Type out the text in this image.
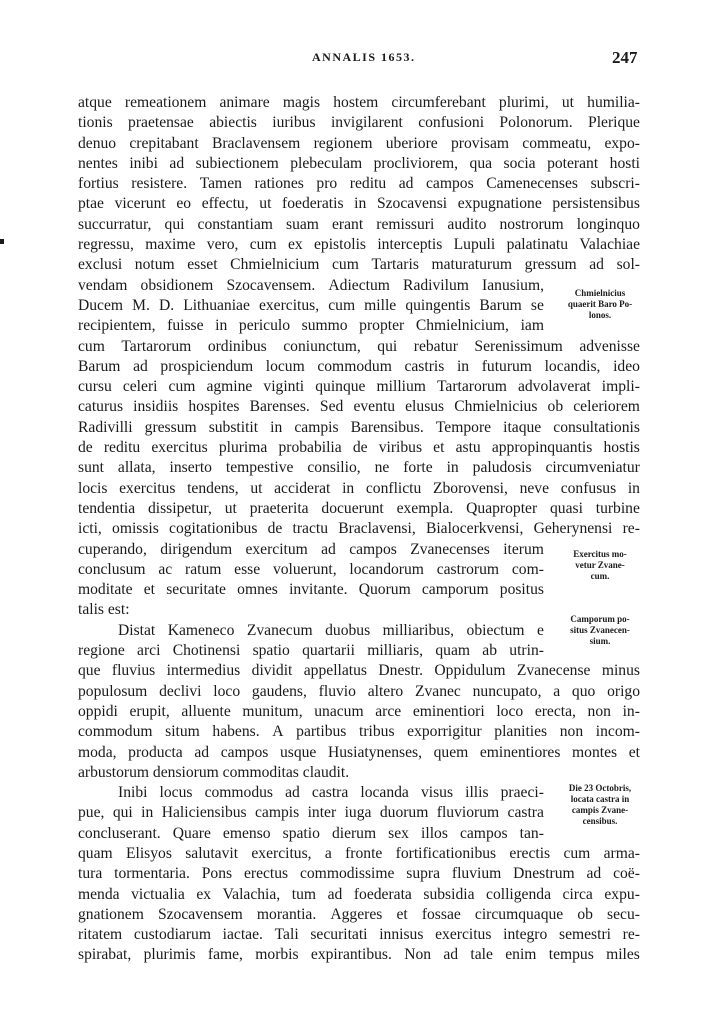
ANNALIS 1653.	247
atque remeationem animare magis hostem circumferebant plurimi, ut humilia-
tionis praetensae abiectis iuribus invigilarent confusioni Polonorum. Plerique
denuo crepitabant Braclavensem regionem uberiore provisam commeatu, expo-
nentes inibi ad subiectionem plebeculam procliviorem, qua socia poterant hosti
fortius resistere. Tamen rationes pro reditu ad campos Camenecenses subscri-
ptae vicerunt eo effectu, ut foederatis in Szocavensi expugnatione persistensibus
succurratur, qui constantiam suam erant remissuri audito nostrorum longinquo
regressu, maxime vero, cum ex epistolis interceptis Lupuli palatinatu Valachiae
exclusi notum esset Chmielnicium cum Tartaris maturaturum gressum ad sol-
vendam obsidionem Szocavensem. Adiectum Radivilum Ianusium,
Ducem M. D. Lithuaniae exercitus, cum mille quingentis Barum se
recipientem, fuisse in periculo summo propter Chmielnicium, iam
cum Tartarorum ordinibus coniunctum, qui rebatur Serenissimum advenisse
Barum ad prospiciendum locum commodum castris in futurum locandis, ideo
cursu celeri cum agmine viginti quinque millium Tartarorum advolaverat impli-
caturus insidiis hospites Barenses. Sed eventu elusus Chmielnicius ob celeriorem
Radivilli gressum substitit in campis Barensibus. Tempore itaque consultationis
de reditu exercitus plurima probabilia de viribus et astu appropinquantis hostis
sunt allata, inserto tempestive consilio, ne forte in paludosis circumveniatur
locis exercitus tendens, ut acciderat in conflictu Zborovensi, neve confusus in
tendentia dissipetur, ut praeterita docuerunt exempla. Quapropter quasi turbine
icti, omissis cogitationibus de tractu Braclavensi, Bialocerkvensi, Geherynensi re-
cuperando, dirigendum exercitum ad campos Zvanecenses iterum
conclusum ac ratum esse voluerunt, locandorum castrorum com-
moditate et securitate omnes invitante. Quorum camporum positus
talis est:
Distat Kameneco Zvanecum duobus milliaribus, obiectum e
regione arci Chotinensi spatio quartarii milliaris, quam ab utrin-
que fluvius intermedius dividit appellatus Dnestr. Oppidulum Zvanecense minus
populosum declivi loco gaudens, fluvio altero Zvanec nuncupato, a quo origo
oppidi erupit, alluente munitum, unacum arce eminentiori loco erecta, non in-
commodum situm habens. A partibus tribus exporrigitur planities non incom-
moda, producta ad campos usque Husiatynenses, quem eminentiores montes et
arbustorum densiorum commoditas claudit.
Inibi locus commodus ad castra locanda visus illis praeci-
pue, qui in Haliciensibus campis inter iuga duorum fluviorum castra
concluserant. Quare emenso spatio dierum sex illos campos tan-
quam Elisyos salutavit exercitus, a fronte fortificationibus erectis cum arma-
tura tormentaria. Pons erectus commodissime supra fluvium Dnestrum ad coë-
menda victualia ex Valachia, tum ad foederata subsidia colligenda circa expu-
gnationem Szocavensem morantia. Aggeres et fossae circumquaque ob secu-
ritatem custodiarum iactae. Tali securitati innisus exercitus integro semestri re-
spirabat, plurimis fame, morbis expirantibus. Non ad tale enim tempus miles
Chmielnicius
quaerit Baro Po-
lonos.
Exercitus mo-
vetur Zvane-
cum.
Camporum po-
situs Zvanecen-
sium.
Die 23 Octobris,
locata castra in
campis Zvane-
censibus.
